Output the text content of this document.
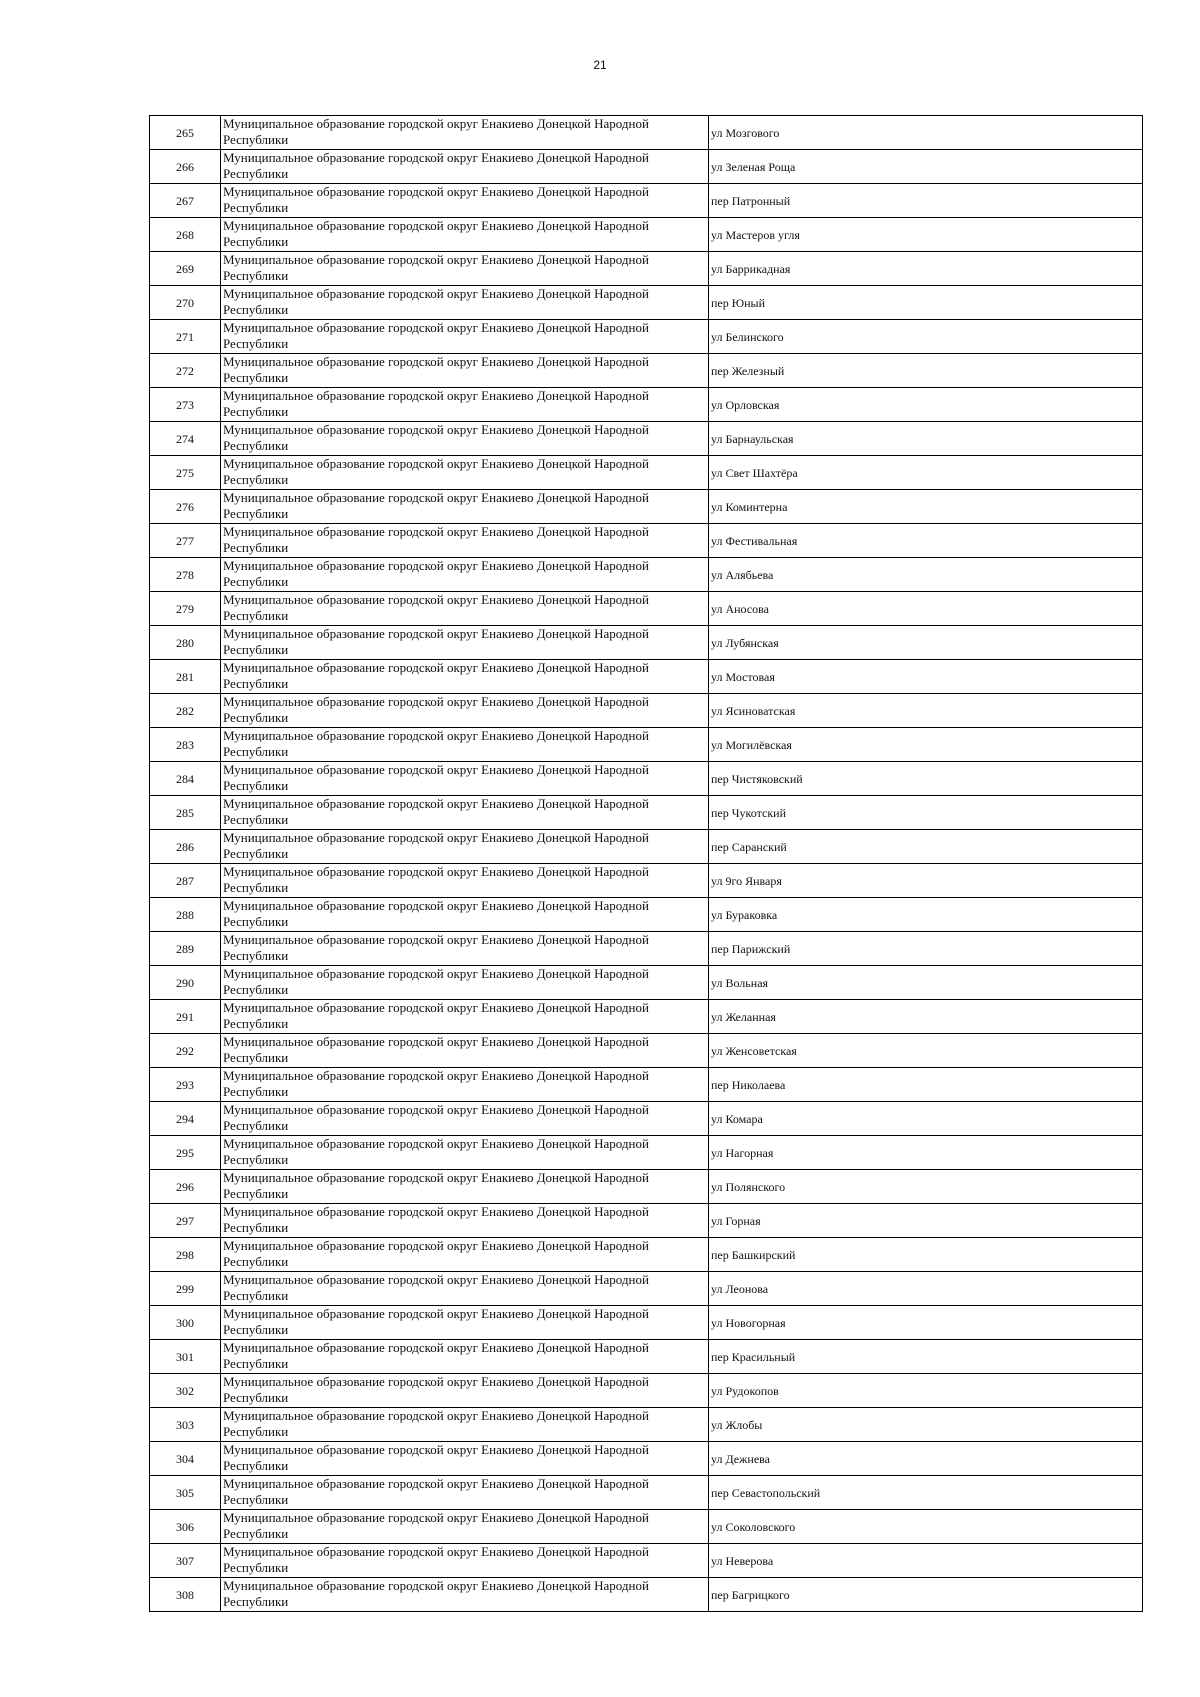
21
265	Муниципальное образование городской округ Енакиево Донецкой Народной Республики	ул Мозгового
266	Муниципальное образование городской округ Енакиево Донецкой Народной Республики	ул Зеленая Роща
267	Муниципальное образование городской округ Енакиево Донецкой Народной Республики	пер Патронный
268	Муниципальное образование городской округ Енакиево Донецкой Народной Республики	ул Мастеров угля
269	Муниципальное образование городской округ Енакиево Донецкой Народной Республики	ул Баррикадная
270	Муниципальное образование городской округ Енакиево Донецкой Народной Республики	пер Юный
271	Муниципальное образование городской округ Енакиево Донецкой Народной Республики	ул Белинского
272	Муниципальное образование городской округ Енакиево Донецкой Народной Республики	пер Железный
273	Муниципальное образование городской округ Енакиево Донецкой Народной Республики	ул Орловская
274	Муниципальное образование городской округ Енакиево Донецкой Народной Республики	ул Барнаульская
275	Муниципальное образование городской округ Енакиево Донецкой Народной Республики	ул Свет Шахтёра
276	Муниципальное образование городской округ Енакиево Донецкой Народной Республики	ул Коминтерна
277	Муниципальное образование городской округ Енакиево Донецкой Народной Республики	ул Фестивальная
278	Муниципальное образование городской округ Енакиево Донецкой Народной Республики	ул Алябьева
279	Муниципальное образование городской округ Енакиево Донецкой Народной Республики	ул Аносова
280	Муниципальное образование городской округ Енакиево Донецкой Народной Республики	ул Лубянская
281	Муниципальное образование городской округ Енакиево Донецкой Народной Республики	ул Мостовая
282	Муниципальное образование городской округ Енакиево Донецкой Народной Республики	ул Ясиноватская
283	Муниципальное образование городской округ Енакиево Донецкой Народной Республики	ул Могилёвская
284	Муниципальное образование городской округ Енакиево Донецкой Народной Республики	пер Чистяковский
285	Муниципальное образование городской округ Енакиево Донецкой Народной Республики	пер Чукотский
286	Муниципальное образование городской округ Енакиево Донецкой Народной Республики	пер Саранский
287	Муниципальное образование городской округ Енакиево Донецкой Народной Республики	ул 9го Января
288	Муниципальное образование городской округ Енакиево Донецкой Народной Республики	ул Бураковка
289	Муниципальное образование городской округ Енакиево Донецкой Народной Республики	пер Парижский
290	Муниципальное образование городской округ Енакиево Донецкой Народной Республики	ул Вольная
291	Муниципальное образование городской округ Енакиево Донецкой Народной Республики	ул Желанная
292	Муниципальное образование городской округ Енакиево Донецкой Народной Республики	ул Женсоветская
293	Муниципальное образование городской округ Енакиево Донецкой Народной Республики	пер Николаева
294	Муниципальное образование городской округ Енакиево Донецкой Народной Республики	ул Комара
295	Муниципальное образование городской округ Енакиево Донецкой Народной Республики	ул Нагорная
296	Муниципальное образование городской округ Енакиево Донецкой Народной Республики	ул Полянского
297	Муниципальное образование городской округ Енакиево Донецкой Народной Республики	ул Горная
298	Муниципальное образование городской округ Енакиево Донецкой Народной Республики	пер Башкирский
299	Муниципальное образование городской округ Енакиево Донецкой Народной Республики	ул Леонова
300	Муниципальное образование городской округ Енакиево Донецкой Народной Республики	ул Новогорная
301	Муниципальное образование городской округ Енакиево Донецкой Народной Республики	пер Красильный
302	Муниципальное образование городской округ Енакиево Донецкой Народной Республики	ул Рудокопов
303	Муниципальное образование городской округ Енакиево Донецкой Народной Республики	ул Жлобы
304	Муниципальное образование городской округ Енакиево Донецкой Народной Республики	ул Дежнева
305	Муниципальное образование городской округ Енакиево Донецкой Народной Республики	пер Севастопольский
306	Муниципальное образование городской округ Енакиево Донецкой Народной Республики	ул Соколовского
307	Муниципальное образование городской округ Енакиево Донецкой Народной Республики	ул Неверова
308	Муниципальное образование городской округ Енакиево Донецкой Народной Республики	пер Багрицкого
